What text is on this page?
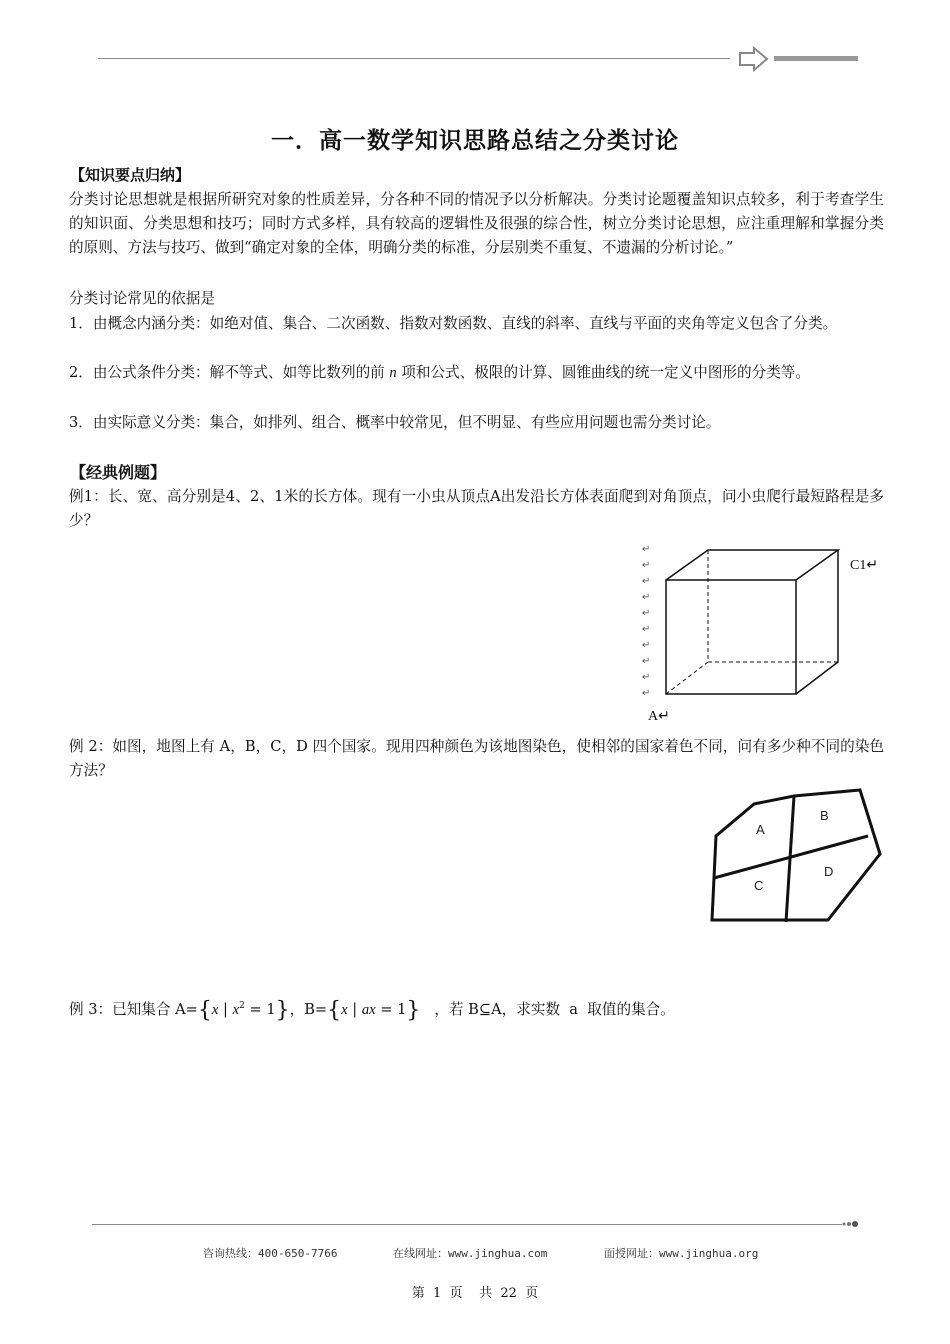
一．高一数学知识思路总结之分类讨论
【知识要点归纳】
分类讨论思想就是根据所研究对象的性质差异，分各种不同的情况予以分析解决。分类讨论题覆盖知识点较多，利于考查学生的知识面、分类思想和技巧；同时方式多样，具有较高的逻辑性及很强的综合性，树立分类讨论思想，应注重理解和掌握分类的原则、方法与技巧、做到“确定对象的全体，明确分类的标准，分层别类不重复、不遗漏的分析讨论。”
分类讨论常见的依据是
1．由概念内涵分类：如绝对值、集合、二次函数、指数对数函数、直线的斜率、直线与平面的夹角等定义包含了分类。
2．由公式条件分类：解不等式、如等比数列的前 n 项和公式、极限的计算、圆锥曲线的统一定义中图形的分类等。
3．由实际意义分类：集合，如排列、组合、概率中较常见，但不明显、有些应用问题也需分类讨论。
【经典例题】
例1：长、宽、高分别是4、2、1米的长方体。现有一小虫从顶点A出发沿长方体表面爬到对角顶点，问小虫爬行最短路程是多少？
↵
↵
↵
↵
↵
↵
↵
↵
↵
↵
C1↵
A↵
例 2：如图，地图上有 A，B，C，D 四个国家。现用四种颜色为该地图染色，使相邻的国家着色不同，问有多少种不同的染色方法？
A
B
C
D
例 3：已知集合 A={x | $x^2 = 1$}，B={x | ax = 1}   ，若 B⊆A，求实数  a  取值的集合。
咨询热线：400-650-7766	在线网址：www.jinghua.com	面授网址：www.jinghua.org
第  1  页    共  22  页
